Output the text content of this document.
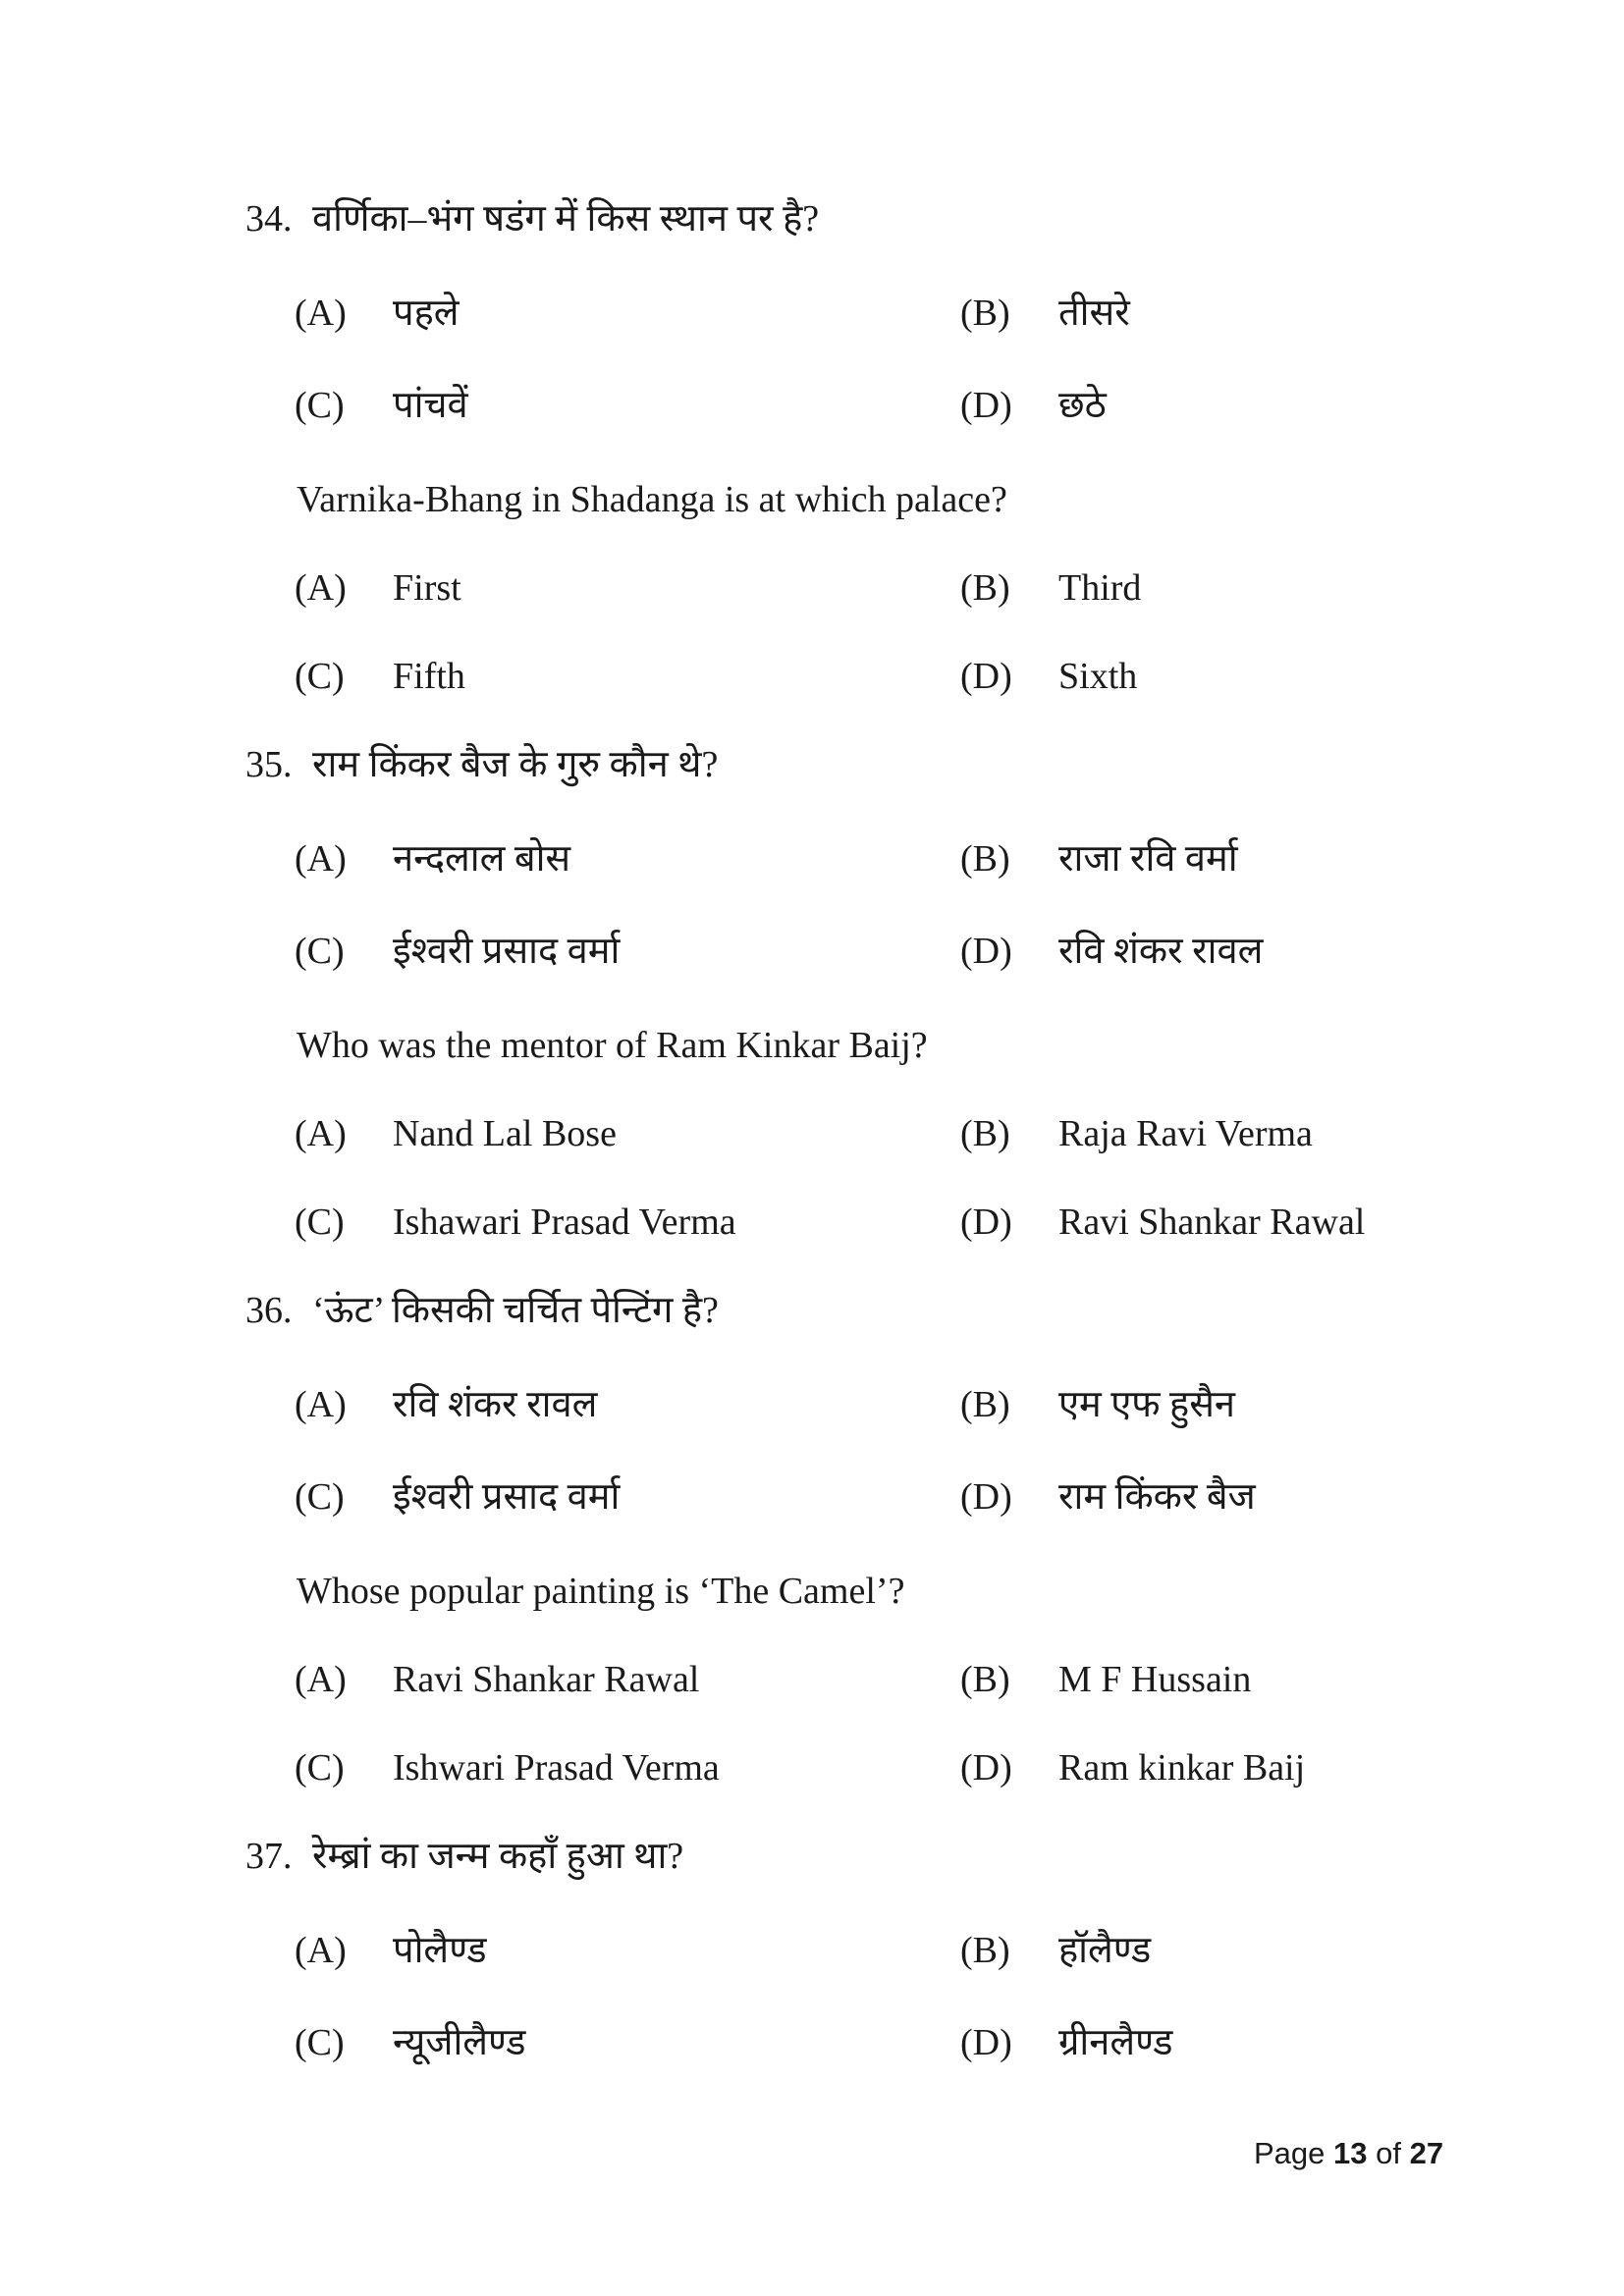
34. वर्णिका–भंग षडंग में किस स्थान पर है?
(A) पहले	(B) तीसरे
(C) पांचवें	(D) छठे
Varnika-Bhang in Shadanga is at which palace?
(A) First	(B) Third
(C) Fifth	(D) Sixth
35. राम किंकर बैज के गुरु कौन थे?
(A) नन्दलाल बोस	(B) राजा रवि वर्मा
(C) ईश्वरी प्रसाद वर्मा	(D) रवि शंकर रावल
Who was the mentor of Ram Kinkar Baij?
(A) Nand Lal Bose	(B) Raja Ravi Verma
(C) Ishawari Prasad Verma	(D) Ravi Shankar Rawal
36. ‘ऊंट’ किसकी चर्चित पेन्टिंग है?
(A) रवि शंकर रावल	(B) एम एफ हुसैन
(C) ईश्वरी प्रसाद वर्मा	(D) राम किंकर बैज
Whose popular painting is ‘The Camel’?
(A) Ravi Shankar Rawal	(B) M F Hussain
(C) Ishwari Prasad Verma	(D) Ram kinkar Baij
37. रेम्ब्रां का जन्म कहाँ हुआ था?
(A) पोलैण्ड	(B) हॉलैण्ड
(C) न्यूजीलैण्ड	(D) ग्रीनलैण्ड
Page 13 of 27
